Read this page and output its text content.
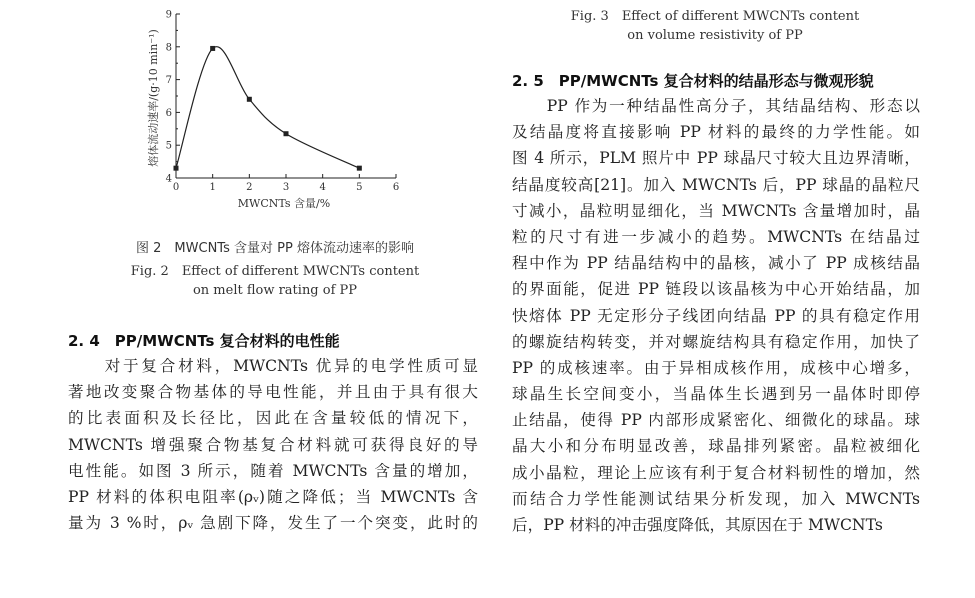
0	1	2	3	4	5	6
4
5
6
7
8
9
MWCNTs 含量/%
熔体流动速率/(g·10 min⁻¹)
图 2　MWCNTs 含量对 PP 熔体流动速率的影响
Fig. 2　Effect of different MWCNTs content
on melt flow rating of PP
Fig. 3　Effect of different MWCNTs content
on volume resistivity of PP
2. 4　PP/MWCNTs 复合材料的电性能
　　对于复合材料，MWCNTs 优异的电学性质可显
著地改变聚合物基体的导电性能，并且由于具有很大
的比表面积及长径比，因此在含量较低的情况下，
MWCNTs 增强聚合物基复合材料就可获得良好的导
电性能。如图 3 所示，随着 MWCNTs 含量的增加，
PP 材料的体积电阻率(ρᵥ)随之降低；当 MWCNTs 含
量为 3 %时，ρᵥ 急剧下降，发生了一个突变，此时的
2. 5　PP/MWCNTs 复合材料的结晶形态与微观形貌
　　PP 作为一种结晶性高分子，其结晶结构、形态以
及结晶度将直接影响 PP 材料的最终的力学性能。如
图 4 所示，PLM 照片中 PP 球晶尺寸较大且边界清晰，
结晶度较高[21]。加入 MWCNTs 后，PP 球晶的晶粒尺
寸减小，晶粒明显细化，当 MWCNTs 含量增加时，晶
粒的尺寸有进一步减小的趋势。MWCNTs 在结晶过
程中作为 PP 结晶结构中的晶核，减小了 PP 成核结晶
的界面能，促进 PP 链段以该晶核为中心开始结晶，加
快熔体 PP 无定形分子线团向结晶 PP 的具有稳定作用
的螺旋结构转变，并对螺旋结构具有稳定作用，加快了
PP 的成核速率。由于异相成核作用，成核中心增多，
球晶生长空间变小，当晶体生长遇到另一晶体时即停
止结晶，使得 PP 内部形成紧密化、细微化的球晶。球
晶大小和分布明显改善，球晶排列紧密。晶粒被细化
成小晶粒，理论上应该有利于复合材料韧性的增加，然
而结合力学性能测试结果分析发现，加入 MWCNTs
后，PP 材料的冲击强度降低，其原因在于 MWCNTs
